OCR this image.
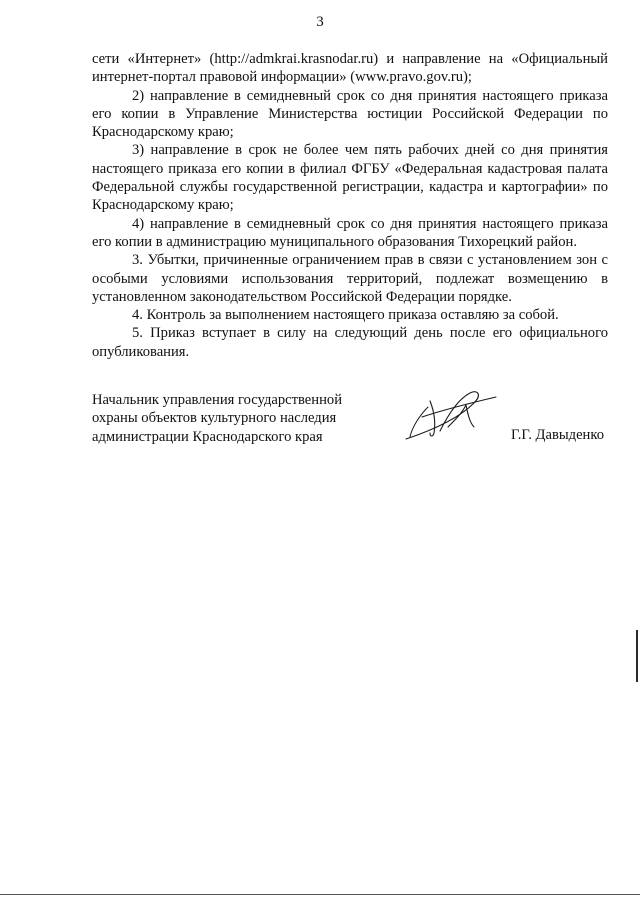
3

сети «Интернет» (http://admkrai.krasnodar.ru) и направление на «Официальный интернет-портал правовой информации» (www.pravo.gov.ru);

2) направление в семидневный срок со дня принятия настоящего приказа его копии в Управление Министерства юстиции Российской Федерации по Краснодарскому краю;

3) направление в срок не более чем пять рабочих дней со дня принятия настоящего приказа его копии в филиал ФГБУ «Федеральная кадастровая палата Федеральной службы государственной регистрации, кадастра и картографии» по Краснодарскому краю;

4) направление в семидневный срок со дня принятия настоящего приказа его копии в администрацию муниципального образования Тихорецкий район.

3. Убытки, причиненные ограничением прав в связи с установлением зон с особыми условиями использования территорий, подлежат возмещению в установленном законодательством Российской Федерации порядке.

4. Контроль за выполнением настоящего приказа оставляю за собой.

5. Приказ вступает в силу на следующий день после его официального опубликования.

Начальник управления государственной
охраны объектов культурного наследия
администрации Краснодарского края	Г.Г. Давыденко
